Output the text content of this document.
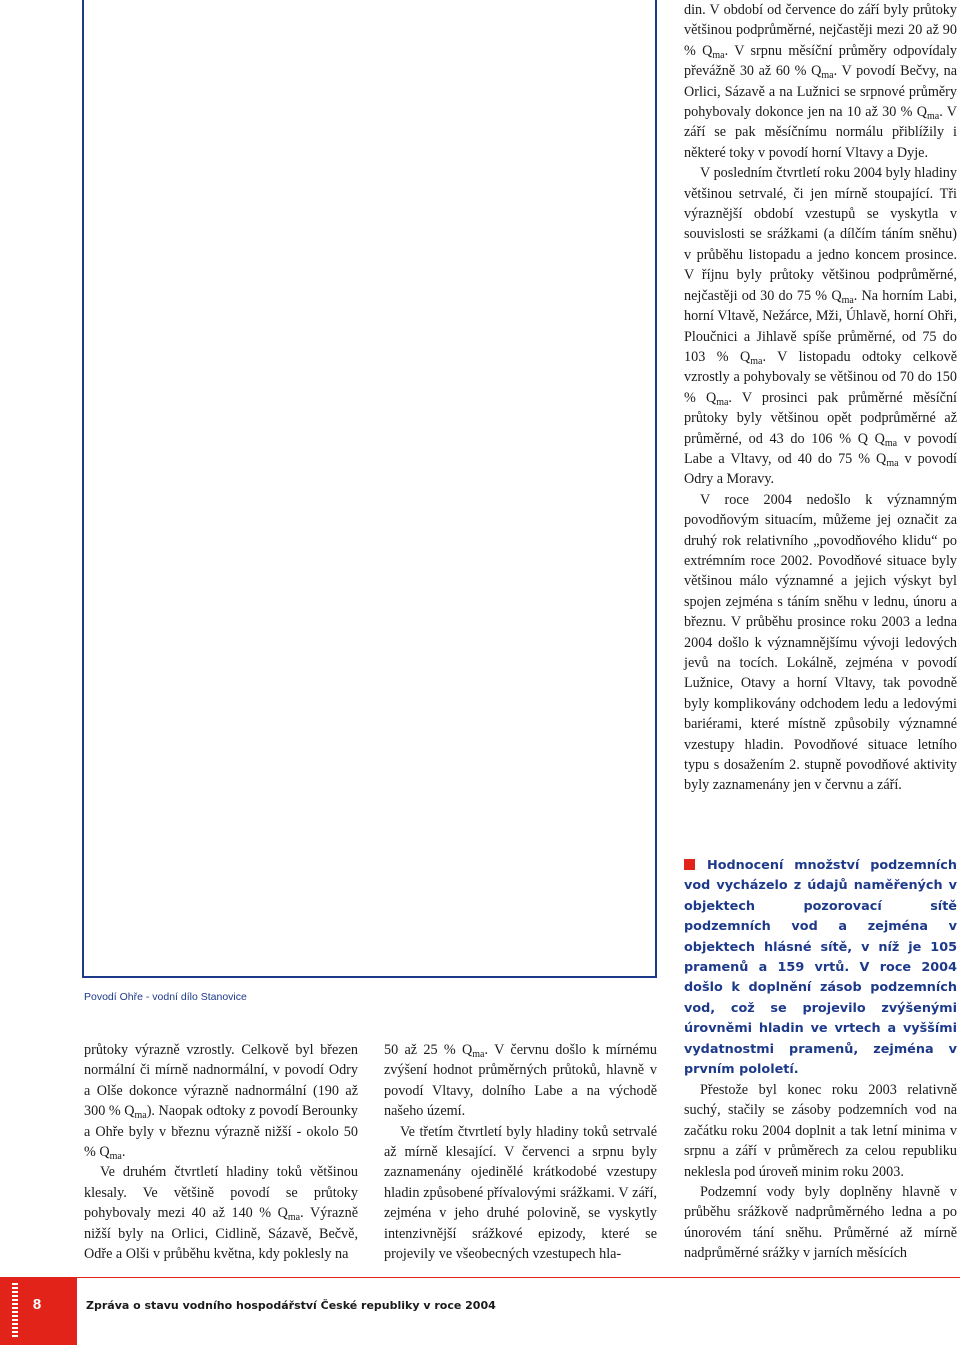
Povodí Ohře - vodní dílo Stanovice

průtoky výrazně vzrostly. Celkově byl březen normální či mírně nadnormální, v povodí Odry a Olše dokonce výrazně nadnormální (190 až 300 % $Q_{ma}$). Naopak odtoky z povodí Berounky a Ohře byly v březnu výrazně nižší - okolo 50 % $Q_{ma}$.

Ve druhém čtvrtletí hladiny toků většinou klesaly. Ve většině povodí se průtoky pohybovaly mezi 40 až 140 % $Q_{ma}$. Výrazně nižší byly na Orlici, Cidlině, Sázavě, Bečvě, Odře a Olši v průběhu května, kdy poklesly na

50 až 25 % $Q_{ma}$. V červnu došlo k mírnému zvýšení hodnot průměrných průtoků, hlavně v povodí Vltavy, dolního Labe a na východě našeho území.

Ve třetím čtvrtletí byly hladiny toků setrvalé až mírně klesající. V červenci a srpnu byly zaznamenány ojedinělé krátkodobé vzestupy hladin způsobené přívalovými srážkami. V září, zejména v jeho druhé polovině, se vyskytly intenzivnější srážkové epizody, které se projevily ve všeobecných vzestupech hla-

din. V období od července do září byly průtoky většinou podprůměrné, nejčastěji mezi 20 až 90 % $Q_{ma}$. V srpnu měsíční průměry odpovídaly převážně 30 až 60 % $Q_{ma}$. V povodí Bečvy, na Orlici, Sázavě a na Lužnici se srpnové průměry pohybovaly dokonce jen na 10 až 30 % $Q_{ma}$. V září se pak měsíčnímu normálu přiblížily i některé toky v povodí horní Vltavy a Dyje.

V posledním čtvrtletí roku 2004 byly hladiny většinou setrvalé, či jen mírně stoupající. Tři výraznější období vzestupů se vyskytla v souvislosti se srážkami (a dílčím táním sněhu) v průběhu listopadu a jedno koncem prosince. V říjnu byly průtoky většinou podprůměrné, nejčastěji od 30 do 75 % $Q_{ma}$. Na horním Labi, horní Vltavě, Nežárce, Mži, Úhlavě, horní Ohři, Ploučnici a Jihlavě spíše průměrné, od 75 do 103 % $Q_{ma}$. V listopadu odtoky celkově vzrostly a pohybovaly se většinou od 70 do 150 % $Q_{ma}$. V prosinci pak průměrné měsíční průtoky byly většinou opět podprůměrné až průměrné, od 43 do 106 % Q $Q_{ma}$ v povodí Labe a Vltavy, od 40 do 75 % $Q_{ma}$ v povodí Odry a Moravy.

V roce 2004 nedošlo k významným povodňovým situacím, můžeme jej označit za druhý rok relativního „povodňového klidu“ po extrémním roce 2002. Povodňové situace byly většinou málo významné a jejich výskyt byl spojen zejména s táním sněhu v lednu, únoru a březnu. V průběhu prosince roku 2003 a ledna 2004 došlo k významnějšímu vývoji ledových jevů na tocích. Lokálně, zejména v povodí Lužnice, Otavy a horní Vltavy, tak povodně byly komplikovány odchodem ledu a ledovými bariérami, které místně způsobily významné vzestupy hladin. Povodňové situace letního typu s dosažením 2. stupně povodňové aktivity byly zaznamenány jen v červnu a září.

Hodnocení množství podzemních vod vycházelo z údajů naměřených v objektech pozorovací sítě podzemních vod a zejména v objektech hlásné sítě, v níž je 105 pramenů a 159 vrtů. V roce 2004 došlo k doplnění zásob podzemních vod, což se projevilo zvýšenými úrovněmi hladin ve vrtech a vyššími vydatnostmi pramenů, zejména v prvním pololetí.

Přestože byl konec roku 2003 relativně suchý, stačily se zásoby podzemních vod na začátku roku 2004 doplnit a tak letní minima v srpnu a září v průměrech za celou republiku neklesla pod úroveň minim roku 2003.

Podzemní vody byly doplněny hlavně v průběhu srážkově nadprůměrného ledna a po únorovém tání sněhu. Průměrné až mírně nadprůměrné srážky v jarních měsících

8	Zpráva o stavu vodního hospodářství České republiky v roce 2004
